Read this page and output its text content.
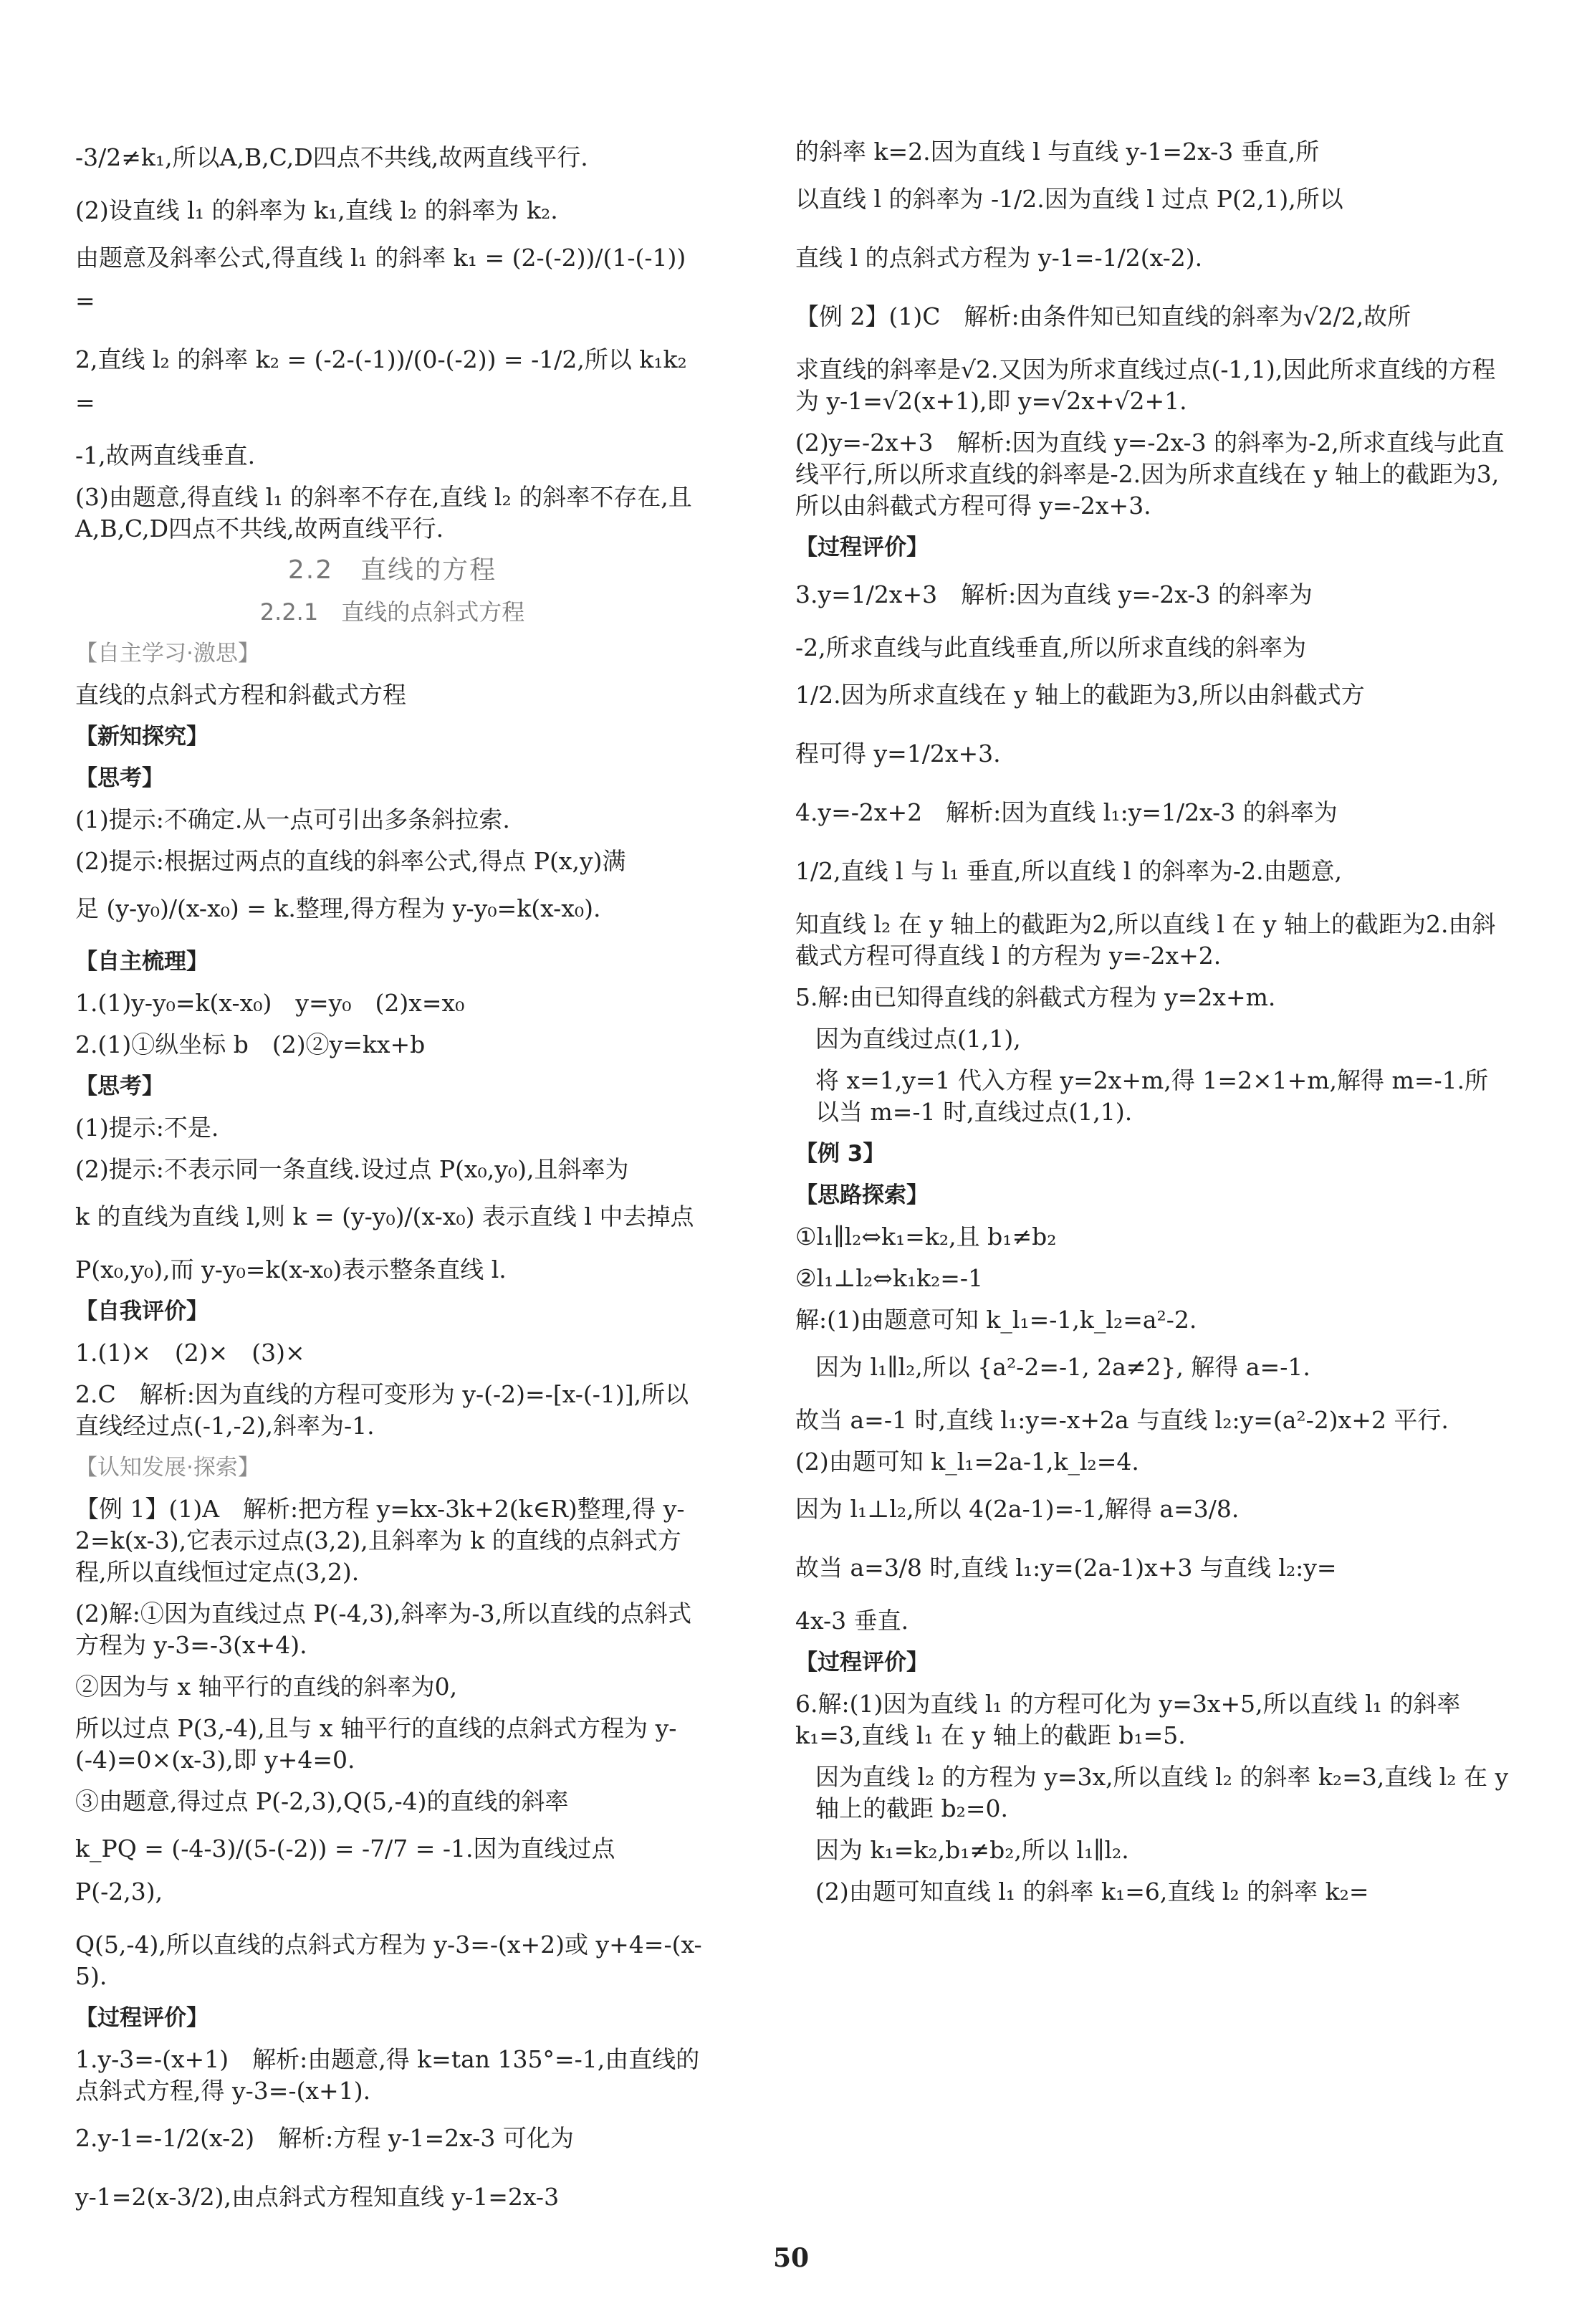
-3/2≠k₁,所以A,B,C,D四点不共线,故两直线平行.
(2)设直线 l₁ 的斜率为 k₁,直线 l₂ 的斜率为 k₂.
由题意及斜率公式,得直线 l₁ 的斜率 k₁ = (2-(-2))/(1-(-1)) =
2,直线 l₂ 的斜率 k₂ = (-2-(-1))/(0-(-2)) = -1/2,所以 k₁k₂ =
-1,故两直线垂直.
(3)由题意,得直线 l₁ 的斜率不存在,直线 l₂ 的斜率不存在,且A,B,C,D四点不共线,故两直线平行.
2.2　直线的方程
2.2.1　直线的点斜式方程
【自主学习·激思】
直线的点斜式方程和斜截式方程
【新知探究】
【思考】
(1)提示:不确定.从一点可引出多条斜拉索.
(2)提示:根据过两点的直线的斜率公式,得点 P(x,y)满
足 (y-y₀)/(x-x₀) = k.整理,得方程为 y-y₀=k(x-x₀).
【自主梳理】
1.(1)y-y₀=k(x-x₀)　y=y₀　(2)x=x₀
2.(1)①纵坐标 b　(2)②y=kx+b
【思考】
(1)提示:不是.
(2)提示:不表示同一条直线.设过点 P(x₀,y₀),且斜率为
k 的直线为直线 l,则 k = (y-y₀)/(x-x₀) 表示直线 l 中去掉点
P(x₀,y₀),而 y-y₀=k(x-x₀)表示整条直线 l.
【自我评价】
1.(1)×　(2)×　(3)×
2.C　解析:因为直线的方程可变形为 y-(-2)=-[x-(-1)],所以直线经过点(-1,-2),斜率为-1.
【认知发展·探索】
【例 1】(1)A　解析:把方程 y=kx-3k+2(k∈R)整理,得 y-2=k(x-3),它表示过点(3,2),且斜率为 k 的直线的点斜式方程,所以直线恒过定点(3,2).
(2)解:①因为直线过点 P(-4,3),斜率为-3,所以直线的点斜式方程为 y-3=-3(x+4).
②因为与 x 轴平行的直线的斜率为0,
所以过点 P(3,-4),且与 x 轴平行的直线的点斜式方程为 y-(-4)=0×(x-3),即 y+4=0.
③由题意,得过点 P(-2,3),Q(5,-4)的直线的斜率
k_PQ = (-4-3)/(5-(-2)) = -7/7 = -1.因为直线过点 P(-2,3),
Q(5,-4),所以直线的点斜式方程为 y-3=-(x+2)或 y+4=-(x-5).
【过程评价】
1.y-3=-(x+1)　解析:由题意,得 k=tan 135°=-1,由直线的点斜式方程,得 y-3=-(x+1).
2.y-1=-1/2(x-2)　解析:方程 y-1=2x-3 可化为
y-1=2(x-3/2),由点斜式方程知直线 y-1=2x-3
的斜率 k=2.因为直线 l 与直线 y-1=2x-3 垂直,所
以直线 l 的斜率为 -1/2.因为直线 l 过点 P(2,1),所以
直线 l 的点斜式方程为 y-1=-1/2(x-2).
【例 2】(1)C　解析:由条件知已知直线的斜率为√2/2,故所
求直线的斜率是√2.又因为所求直线过点(-1,1),因此所求直线的方程为 y-1=√2(x+1),即 y=√2x+√2+1.
(2)y=-2x+3　解析:因为直线 y=-2x-3 的斜率为-2,所求直线与此直线平行,所以所求直线的斜率是-2.因为所求直线在 y 轴上的截距为3,所以由斜截式方程可得 y=-2x+3.
【过程评价】
3.y=1/2x+3　解析:因为直线 y=-2x-3 的斜率为
-2,所求直线与此直线垂直,所以所求直线的斜率为
1/2.因为所求直线在 y 轴上的截距为3,所以由斜截式方
程可得 y=1/2x+3.
4.y=-2x+2　解析:因为直线 l₁:y=1/2x-3 的斜率为
1/2,直线 l 与 l₁ 垂直,所以直线 l 的斜率为-2.由题意,
知直线 l₂ 在 y 轴上的截距为2,所以直线 l 在 y 轴上的截距为2.由斜截式方程可得直线 l 的方程为 y=-2x+2.
5.解:由已知得直线的斜截式方程为 y=2x+m.
因为直线过点(1,1),
将 x=1,y=1 代入方程 y=2x+m,得 1=2×1+m,解得 m=-1.所以当 m=-1 时,直线过点(1,1).
【例 3】
【思路探索】
①l₁∥l₂⇔k₁=k₂,且 b₁≠b₂
②l₁⊥l₂⇔k₁k₂=-1
解:(1)由题意可知 k_l₁=-1,k_l₂=a²-2.
因为 l₁∥l₂,所以 {a²-2=-1, 2a≠2}, 解得 a=-1.
故当 a=-1 时,直线 l₁:y=-x+2a 与直线 l₂:y=(a²-2)x+2 平行.
(2)由题可知 k_l₁=2a-1,k_l₂=4.
因为 l₁⊥l₂,所以 4(2a-1)=-1,解得 a=3/8.
故当 a=3/8 时,直线 l₁:y=(2a-1)x+3 与直线 l₂:y=
4x-3 垂直.
【过程评价】
6.解:(1)因为直线 l₁ 的方程可化为 y=3x+5,所以直线 l₁ 的斜率 k₁=3,直线 l₁ 在 y 轴上的截距 b₁=5.
因为直线 l₂ 的方程为 y=3x,所以直线 l₂ 的斜率 k₂=3,直线 l₂ 在 y 轴上的截距 b₂=0.
因为 k₁=k₂,b₁≠b₂,所以 l₁∥l₂.
(2)由题可知直线 l₁ 的斜率 k₁=6,直线 l₂ 的斜率 k₂=
50
